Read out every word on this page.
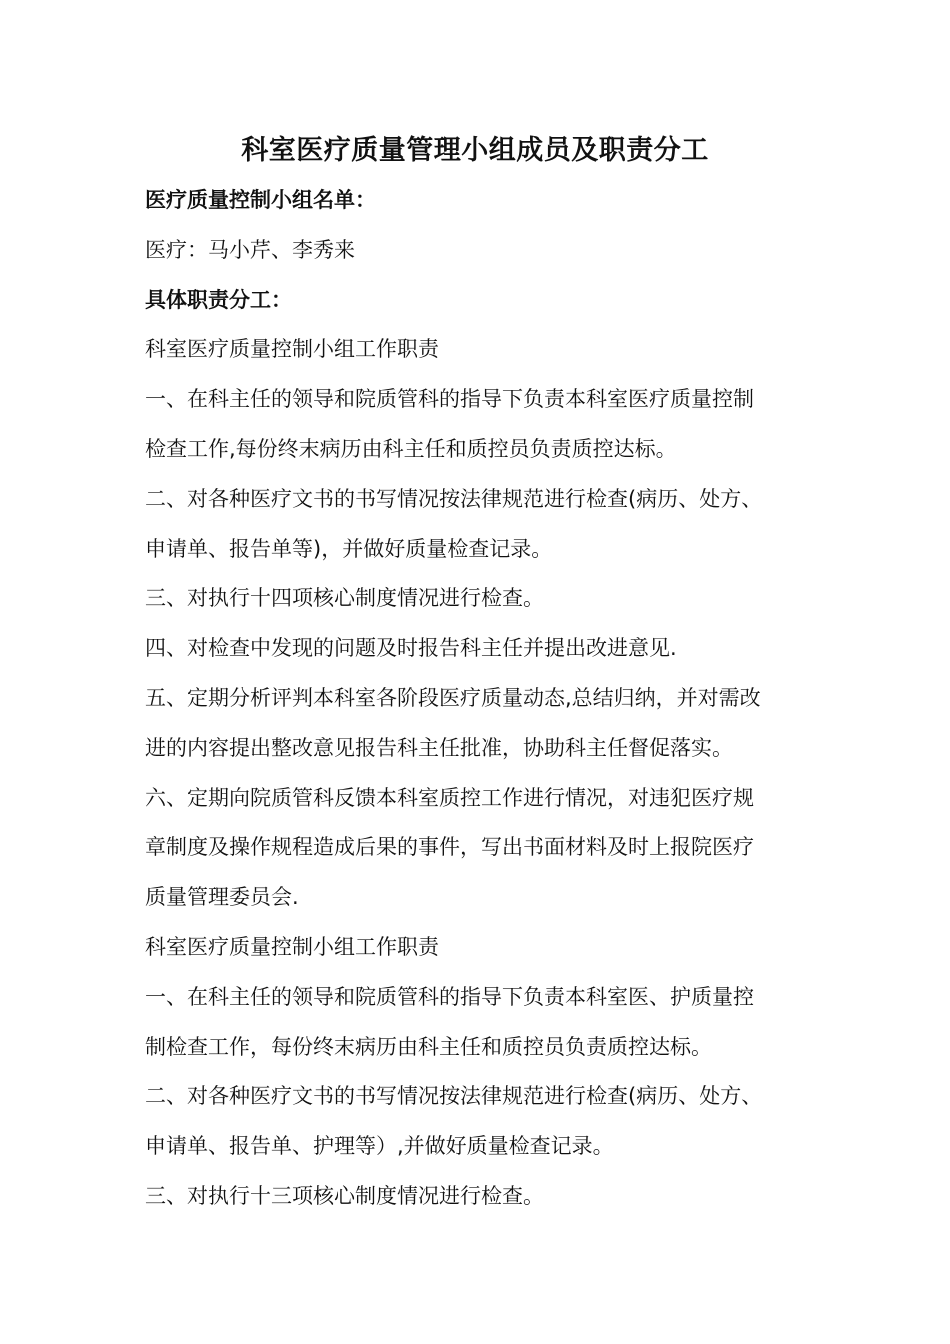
科室医疗质量管理小组成员及职责分工

医疗质量控制小组名单：

医疗：马小芹、李秀来

具体职责分工：

科室医疗质量控制小组工作职责

一、在科主任的领导和院质管科的指导下负责本科室医疗质量控制

检查工作,每份终末病历由科主任和质控员负责质控达标。

二、对各种医疗文书的书写情况按法律规范进行检查(病历、处方、

申请单、报告单等)，并做好质量检查记录。

三、对执行十四项核心制度情况进行检查。

四、对检查中发现的问题及时报告科主任并提出改进意见.

五、定期分析评判本科室各阶段医疗质量动态,总结归纳，并对需改

进的内容提出整改意见报告科主任批准，协助科主任督促落实。

六、定期向院质管科反馈本科室质控工作进行情况，对违犯医疗规

章制度及操作规程造成后果的事件，写出书面材料及时上报院医疗

质量管理委员会.

科室医疗质量控制小组工作职责

一、在科主任的领导和院质管科的指导下负责本科室医、护质量控

制检查工作，每份终末病历由科主任和质控员负责质控达标。

二、对各种医疗文书的书写情况按法律规范进行检查(病历、处方、

申请单、报告单、护理等）,并做好质量检查记录。

三、对执行十三项核心制度情况进行检查。
